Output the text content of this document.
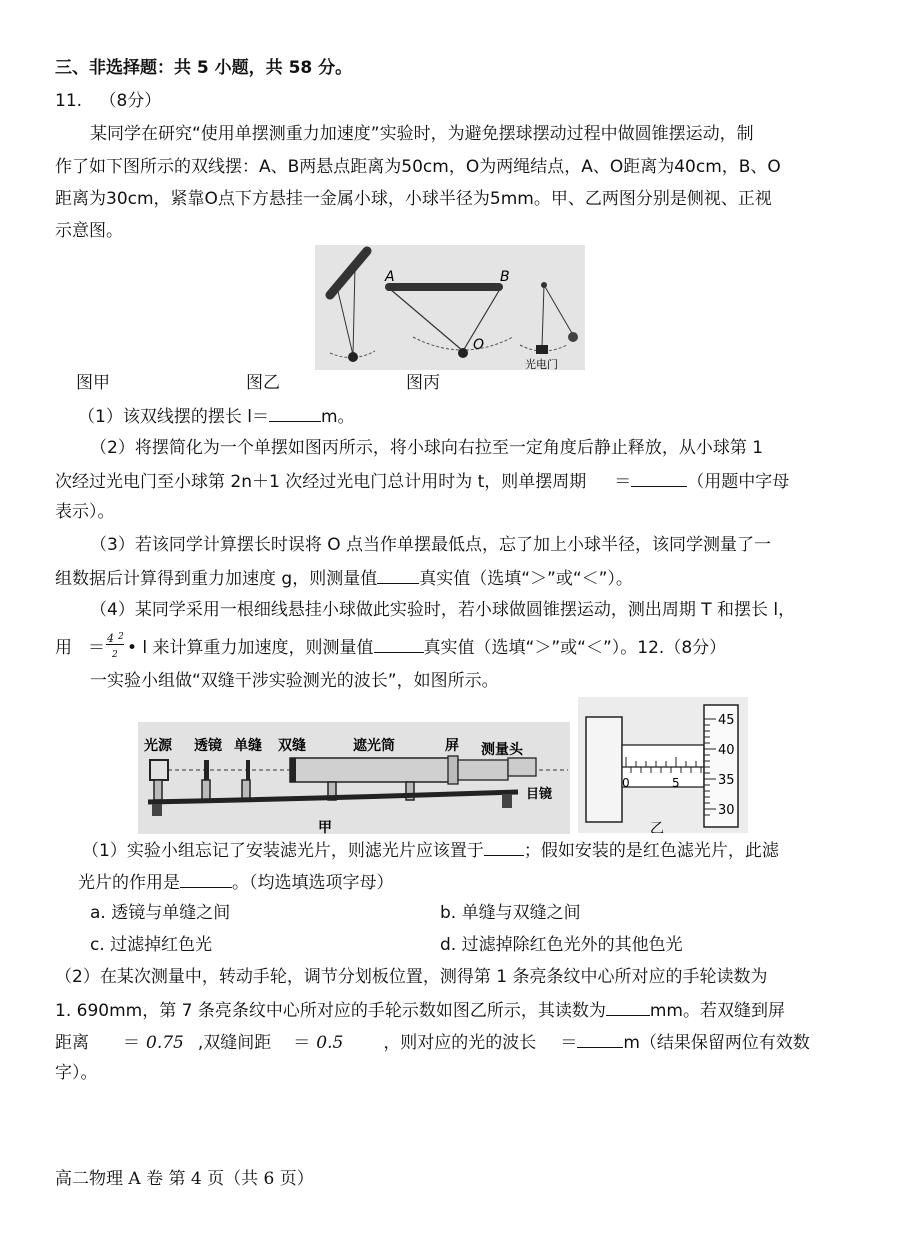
三、非选择题：共 5 小题，共 58 分。
11. （8分）
某同学在研究“使用单摆测重力加速度”实验时，为避免摆球摆动过程中做圆锥摆运动，制
作了如下图所示的双线摆：A、B两悬点距离为50cm，O为两绳结点，A、O距离为40cm，B、O
距离为30cm，紧靠O点下方悬挂一金属小球，小球半径为5mm。甲、乙两图分别是侧视、正视
示意图。
A	B
O
光电门
图甲	图乙	图丙
（1）该双线摆的摆长 l＝	m。
（2）将摆简化为一个单摆如图丙所示，将小球向右拉至一定角度后静止释放，从小球第 1
次经过光电门至小球第 2n＋1 次经过光电门总计用时为 t，则单摆周期 ＝	（用题中字母
表示）。
（3）若该同学计算摆长时误将 O 点当作单摆最低点，忘了加上小球半径，该同学测量了一
组数据后计算得到重力加速度 g，则测量值 真实值（选填“＞”或“＜”）。
（4）某同学采用一根细线悬挂小球做此实验时，若小球做圆锥摆运动，测出周期 T 和摆长 l，
用 ＝ 4 2
2 • l 来计算重力加速度，则测量值	真实值（选填“＞”或“＜”）。12.（8分）
一实验小组做“双缝干涉实验测光的波长”，如图所示。
光源 透镜 单缝 双缝	遮光筒	屏 测量头
目镜
甲
0	5
45
40
35
30
乙
（1）实验小组忘记了安装滤光片，则滤光片应该置于 ；假如安装的是红色滤光片，此滤
光片的作用是	。（均选填选项字母）
a. 透镜与单缝之间	b. 单缝与双缝之间
c. 过滤掉红色光	d. 过滤掉除红色光外的其他色光
（2）在某次测量中，转动手轮，调节分划板位置，测得第 1 条亮条纹中心所对应的手轮读数为
1. 690mm，第 7 条亮条纹中心所对应的手轮示数如图乙所示，其读数为	mm。若双缝到屏
距离 ＝ 0.75 ,双缝间距 ＝ 0.5 ，则对应的光的波长 ＝	m（结果保留两位有效数
字）。
高二物理 A 卷 第 4 页（共 6 页）
